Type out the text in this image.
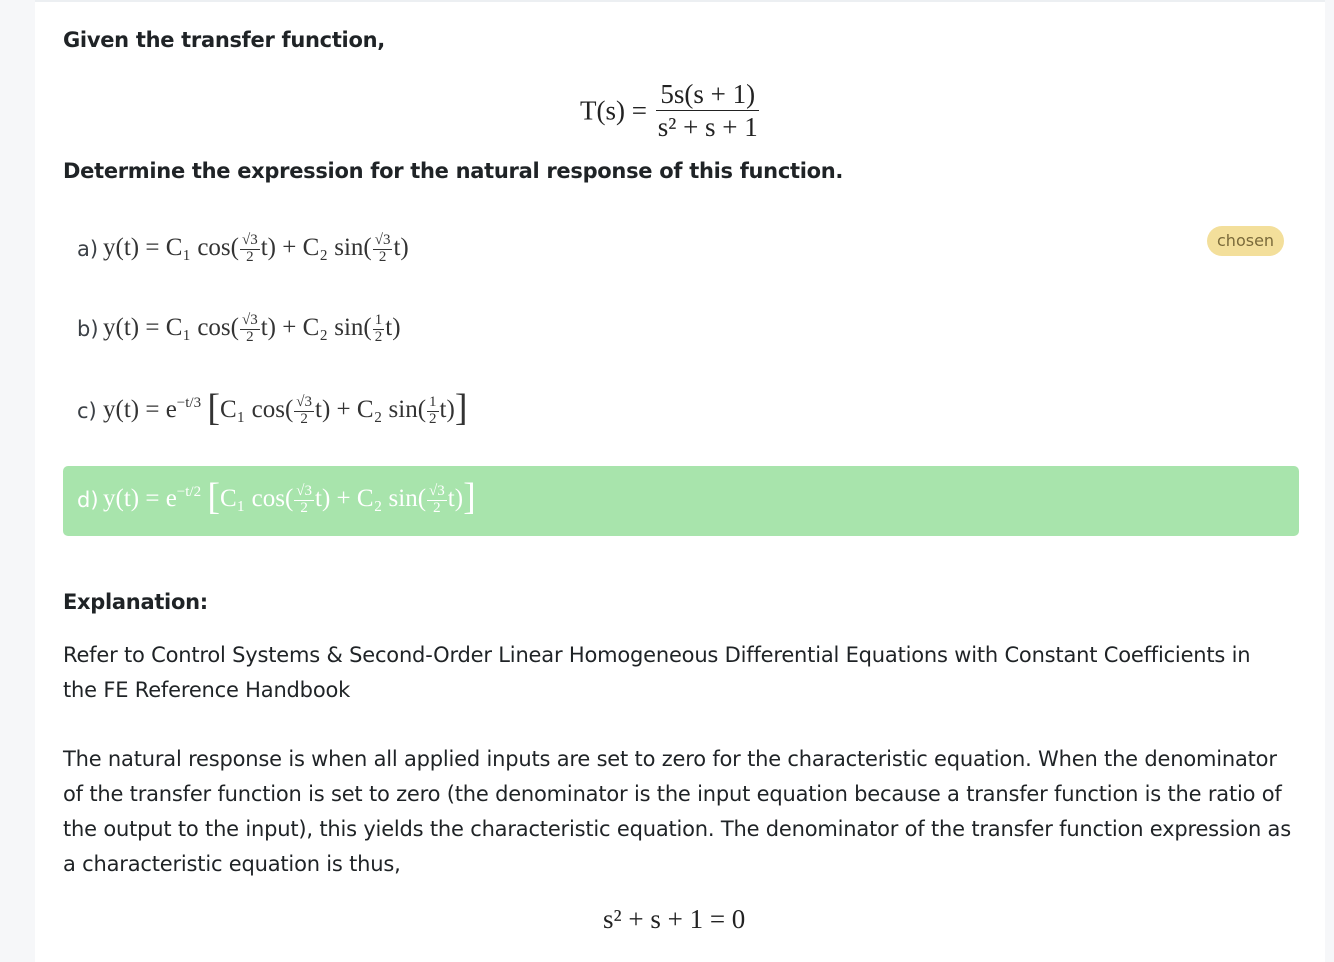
Given the transfer function,
$T(s) = \frac{5s(s + 1)}{\text{s² + s + 1}}$
Determine the expression for the natural response of this function.
a) y(t) = C₁ $\cos( \frac{√3}{2} t) + C_2$ $\sin( \frac{√3}{2} t)$	chosen
b) y(t) = C₁ $\cos( \frac{√3}{2} t) + C_2$ $\sin( \frac{1}{2} t)$
c) $y(t) = e^{-t/3}$ [C₁ $\cos( \frac{√3}{2} t) + C_2$ $\sin( \frac{1}{2} t)$]
d) $y(t) = e^{-t/2}$ [C₁ $\cos( \frac{√3}{2} t) + C_2$ $\sin( \frac{√3}{2} t)$]
Explanation:
Refer to Control Systems & Second-Order Linear Homogeneous Differential Equations with Constant Coefficients in
the FE Reference Handbook
The natural response is when all applied inputs are set to zero for the characteristic equation. When the denominator
of the transfer function is set to zero (the denominator is the input equation because a transfer function is the ratio of
the output to the input), this yields the characteristic equation. The denominator of the transfer function expression as
a characteristic equation is thus,
s² + s + 1 = 0
